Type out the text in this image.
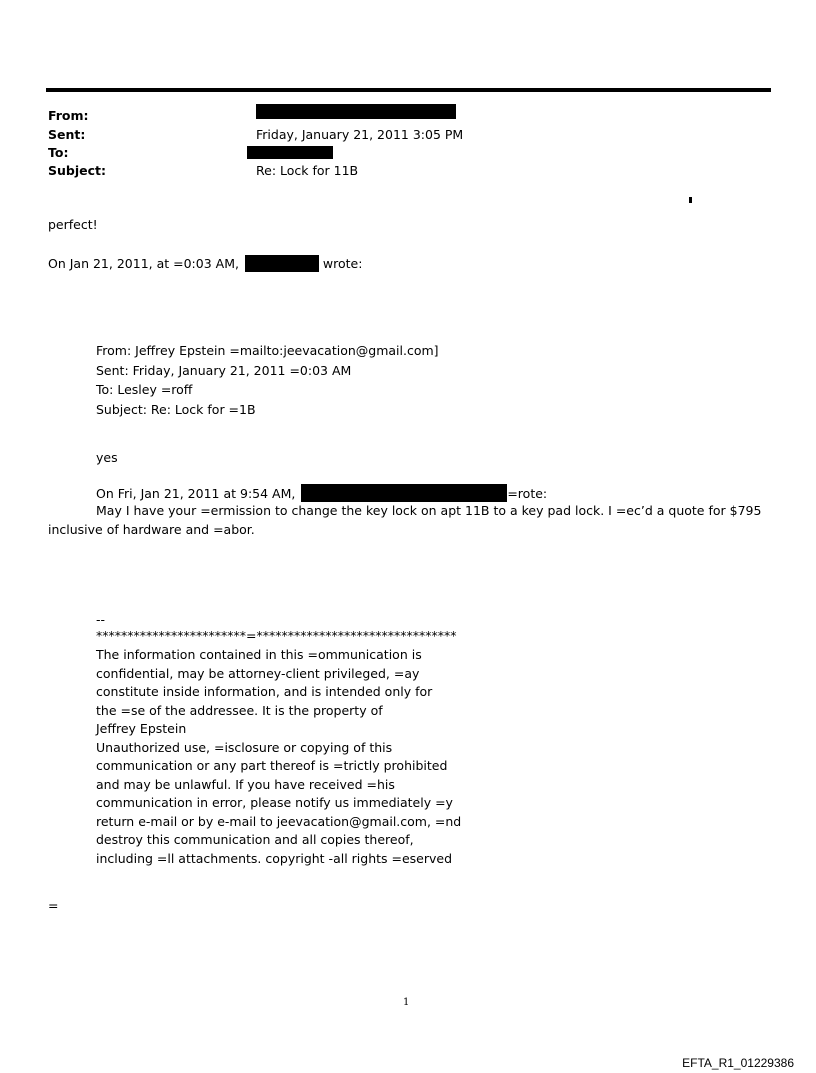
From:
Sent:	Friday, January 21, 2011 3:05 PM
To:
Subject:	Re: Lock for 11B
perfect!
On Jan 21, 2011, at =0:03 AM,	wrote:
From: Jeffrey Epstein =mailto:jeevacation@gmail.com]
Sent: Friday, January 21, 2011 =0:03 AM
To: Lesley =roff
Subject: Re: Lock for =1B
yes
On Fri, Jan 21, 2011 at 9:54 AM,	=rote:
May I have your =ermission to change the key lock on apt 11B to a key pad lock. I =ec’d a quote for $795
inclusive of hardware and =abor.
--
************************=********************************
The information contained in this =ommunication is
confidential, may be attorney-client privileged, =ay
constitute inside information, and is intended only for
the =se of the addressee. It is the property of
Jeffrey Epstein
Unauthorized use, =isclosure or copying of this
communication or any part thereof is =trictly prohibited
and may be unlawful. If you have received =his
communication in error, please notify us immediately =y
return e-mail or by e-mail to jeevacation@gmail.com, =nd
destroy this communication and all copies thereof,
including =ll attachments. copyright -all rights =eserved
=
1
EFTA_R1_01229386
